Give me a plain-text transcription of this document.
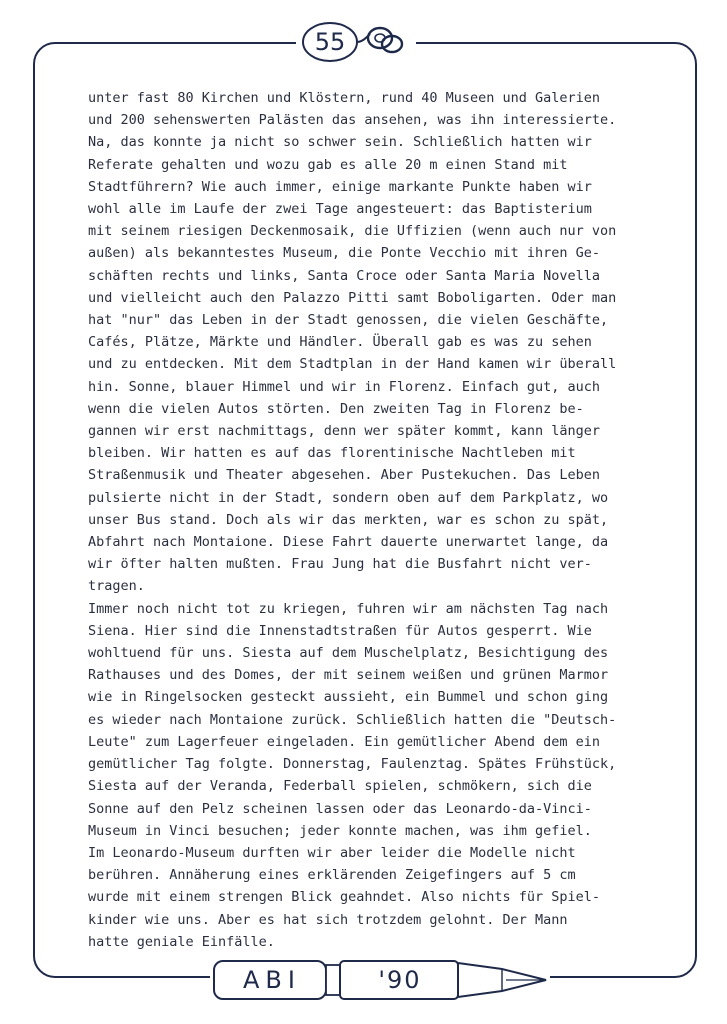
55
unter fast 80 Kirchen und Klöstern, rund 40 Museen und Galerien
und 200 sehenswerten Palästen das ansehen, was ihn interessierte.
Na, das konnte ja nicht so schwer sein. Schließlich hatten wir
Referate gehalten und wozu gab es alle 20 m einen Stand mit
Stadtführern? Wie auch immer, einige markante Punkte haben wir
wohl alle im Laufe der zwei Tage angesteuert: das Baptisterium
mit seinem riesigen Deckenmosaik, die Uffizien (wenn auch nur von
außen) als bekanntestes Museum, die Ponte Vecchio mit ihren Ge-
schäften rechts und links, Santa Croce oder Santa Maria Novella
und vielleicht auch den Palazzo Pitti samt Boboligarten. Oder man
hat "nur" das Leben in der Stadt genossen, die vielen Geschäfte,
Cafés, Plätze, Märkte und Händler. Überall gab es was zu sehen
und zu entdecken. Mit dem Stadtplan in der Hand kamen wir überall
hin. Sonne, blauer Himmel und wir in Florenz. Einfach gut, auch
wenn die vielen Autos störten. Den zweiten Tag in Florenz be-
gannen wir erst nachmittags, denn wer später kommt, kann länger
bleiben. Wir hatten es auf das florentinische Nachtleben mit
Straßenmusik und Theater abgesehen. Aber Pustekuchen. Das Leben
pulsierte nicht in der Stadt, sondern oben auf dem Parkplatz, wo
unser Bus stand. Doch als wir das merkten, war es schon zu spät,
Abfahrt nach Montaione. Diese Fahrt dauerte unerwartet lange, da
wir öfter halten mußten. Frau Jung hat die Busfahrt nicht ver-
tragen.
Immer noch nicht tot zu kriegen, fuhren wir am nächsten Tag nach
Siena. Hier sind die Innenstadtstraßen für Autos gesperrt. Wie
wohltuend für uns. Siesta auf dem Muschelplatz, Besichtigung des
Rathauses und des Domes, der mit seinem weißen und grünen Marmor
wie in Ringelsocken gesteckt aussieht, ein Bummel und schon ging
es wieder nach Montaione zurück. Schließlich hatten die "Deutsch-
Leute" zum Lagerfeuer eingeladen. Ein gemütlicher Abend dem ein
gemütlicher Tag folgte. Donnerstag, Faulenztag. Spätes Frühstück,
Siesta auf der Veranda, Federball spielen, schmökern, sich die
Sonne auf den Pelz scheinen lassen oder das Leonardo-da-Vinci-
Museum in Vinci besuchen; jeder konnte machen, was ihm gefiel.
Im Leonardo-Museum durften wir aber leider die Modelle nicht
berühren. Annäherung eines erklärenden Zeigefingers auf 5 cm
wurde mit einem strengen Blick geahndet. Also nichts für Spiel-
kinder wie uns. Aber es hat sich trotzdem gelohnt. Der Mann
hatte geniale Einfälle.
ABI	'90
